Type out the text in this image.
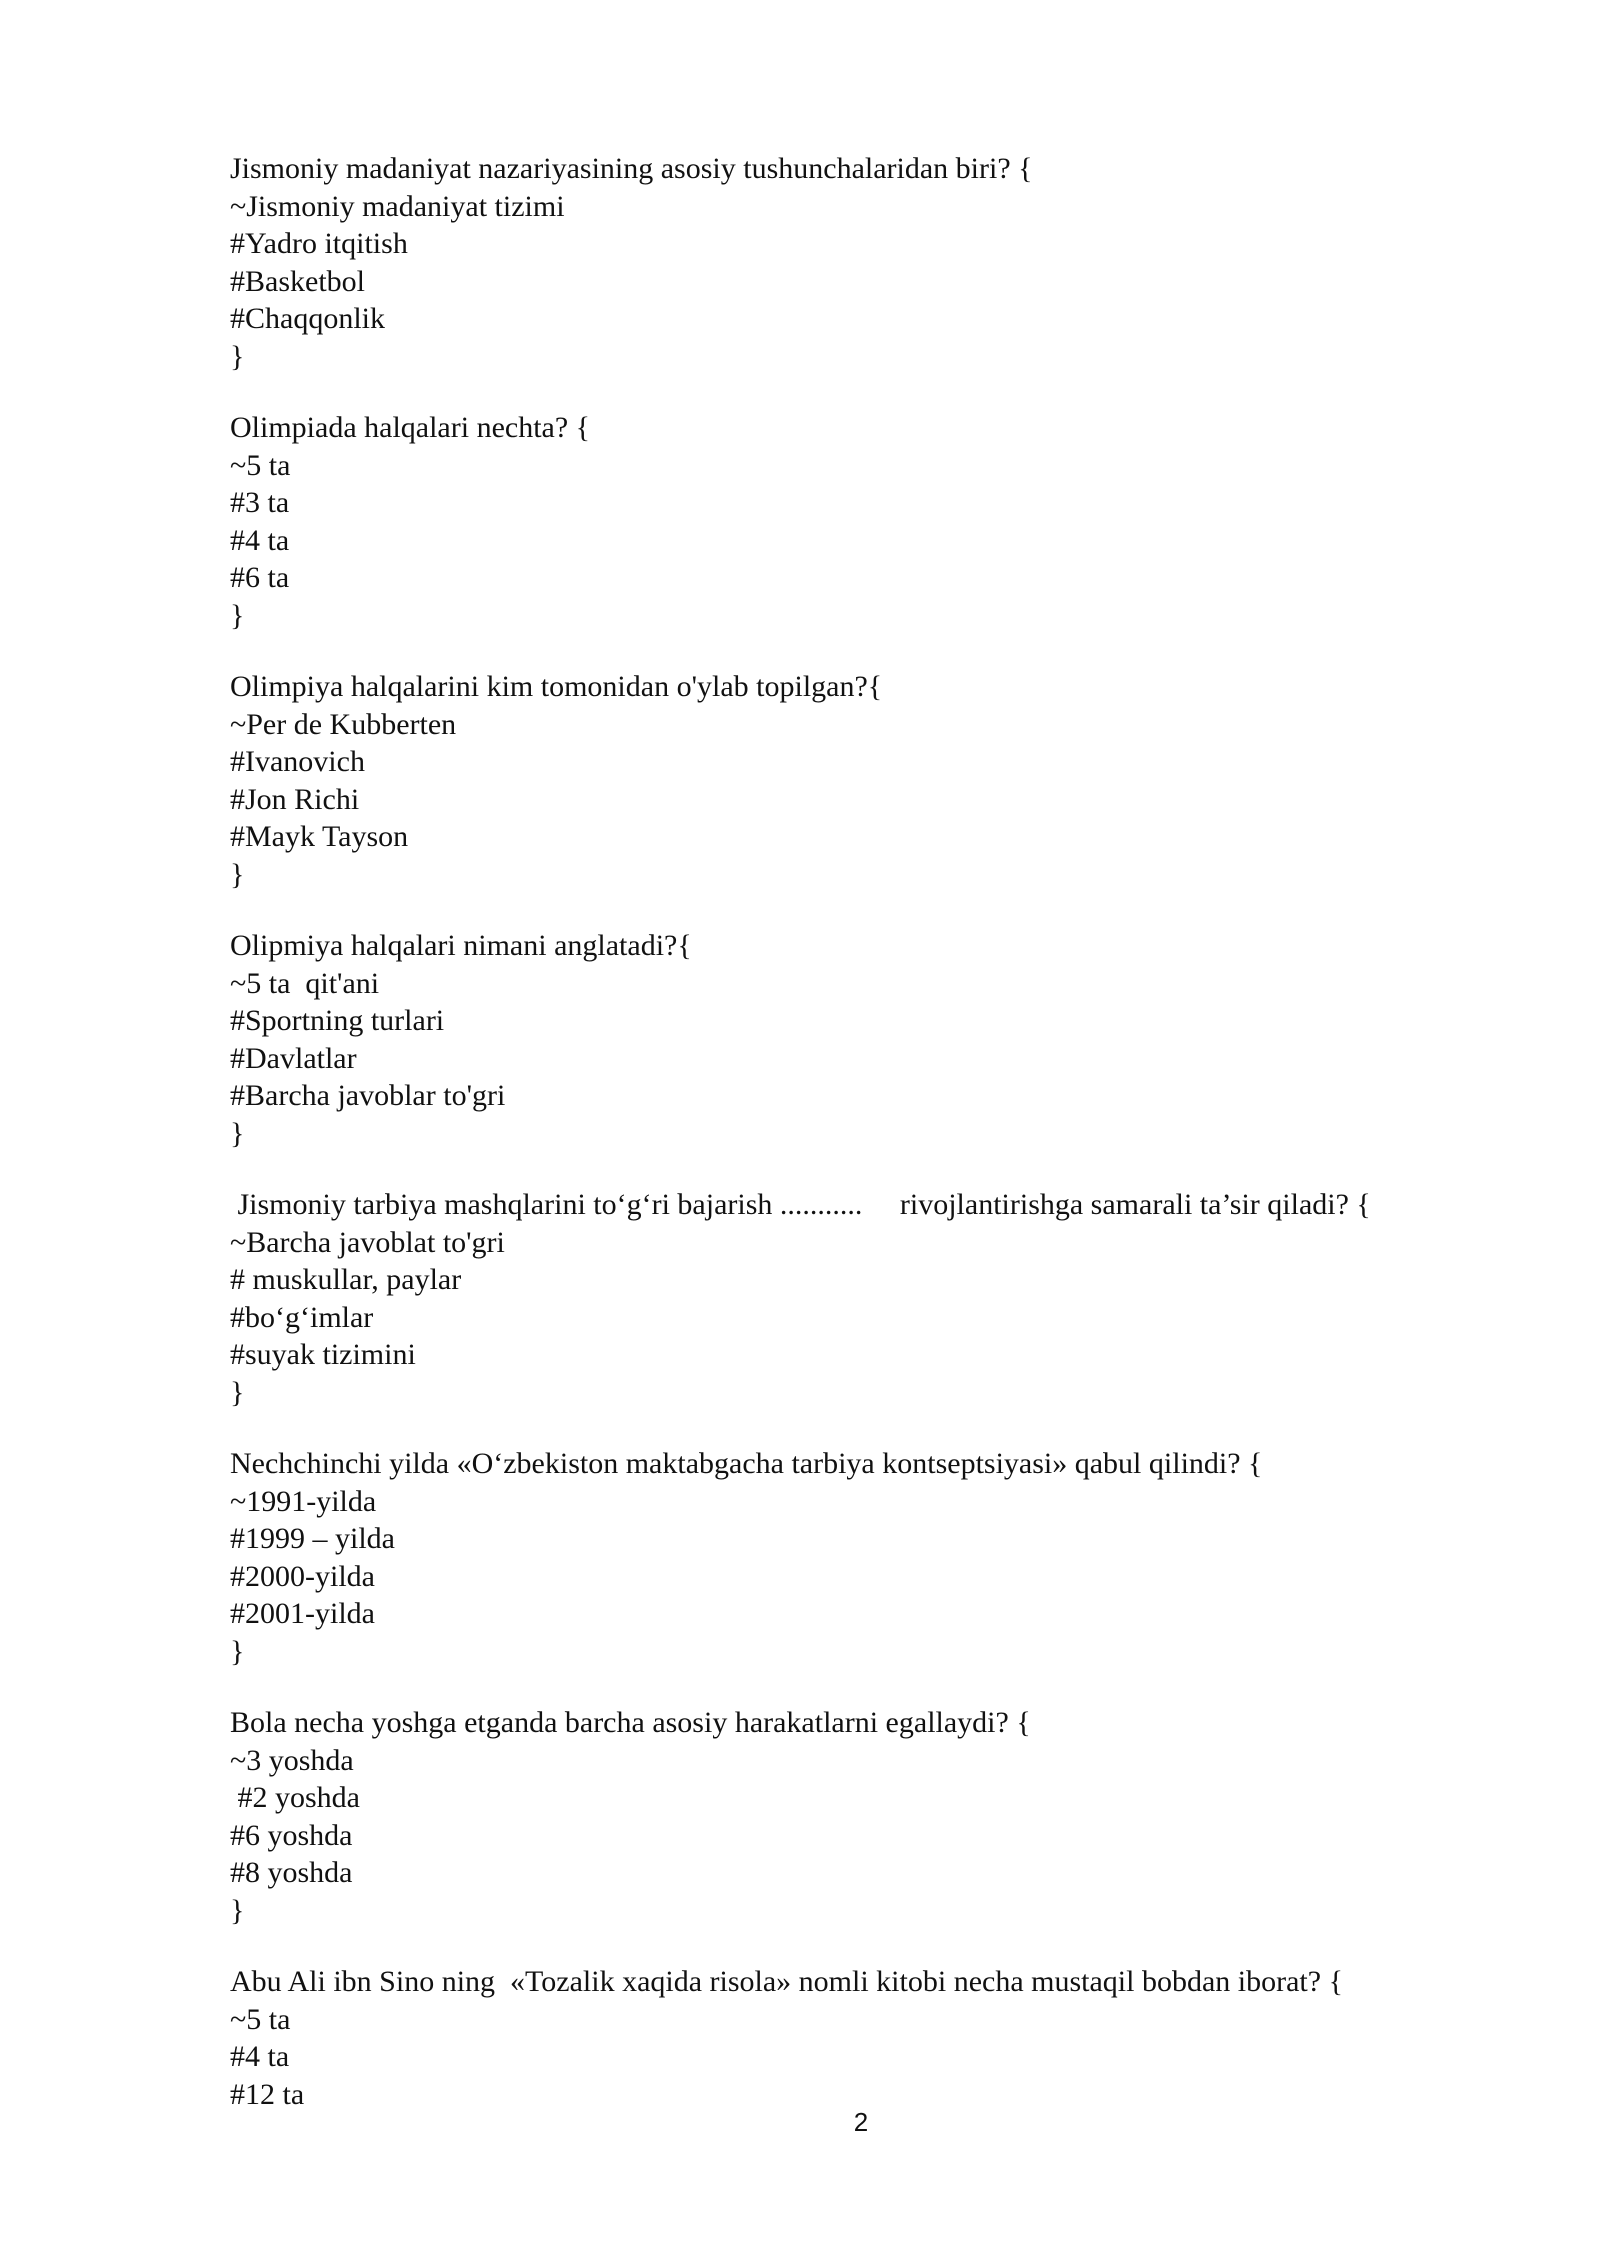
Jismoniy madaniyat nazariyasining asosiy tushunchalaridan biri? {
~Jismoniy madaniyat tizimi
#Yadro itqitish
#Basketbol
#Chaqqonlik
}
Olimpiada halqalari nechta? {
~5 ta
#3 ta
#4 ta
#6 ta
}
Olimpiya halqalarini kim tomonidan o'ylab topilgan?{
~Per de Kubberten
#Ivanovich
#Jon Richi
#Mayk Tayson
}
Olipmiya halqalari nimani anglatadi?{
~5 ta  qit'ani
#Sportning turlari
#Davlatlar
#Barcha javoblar to'gri
}
Jismoniy tarbiya mashqlarini to‘g‘ri bajarish ...........     rivojlantirishga samarali ta’sir qiladi? {
~Barcha javoblat to'gri
# muskullar, paylar
#bo‘g‘imlar
#suyak tizimini
}
Nechchinchi yilda «O‘zbekiston maktabgacha tarbiya kontseptsiyasi» qabul qilindi? {
~1991-yilda
#1999 – yilda
#2000-yilda
#2001-yilda
}
Bola necha yoshga etganda barcha asosiy harakatlarni egallaydi? {
~3 yoshda
#2 yoshda
#6 yoshda
#8 yoshda
}
Abu Ali ibn Sino ning  «Tozalik xaqida risola» nomli kitobi necha mustaqil bobdan iborat? {
~5 ta
#4 ta
#12 ta
2
